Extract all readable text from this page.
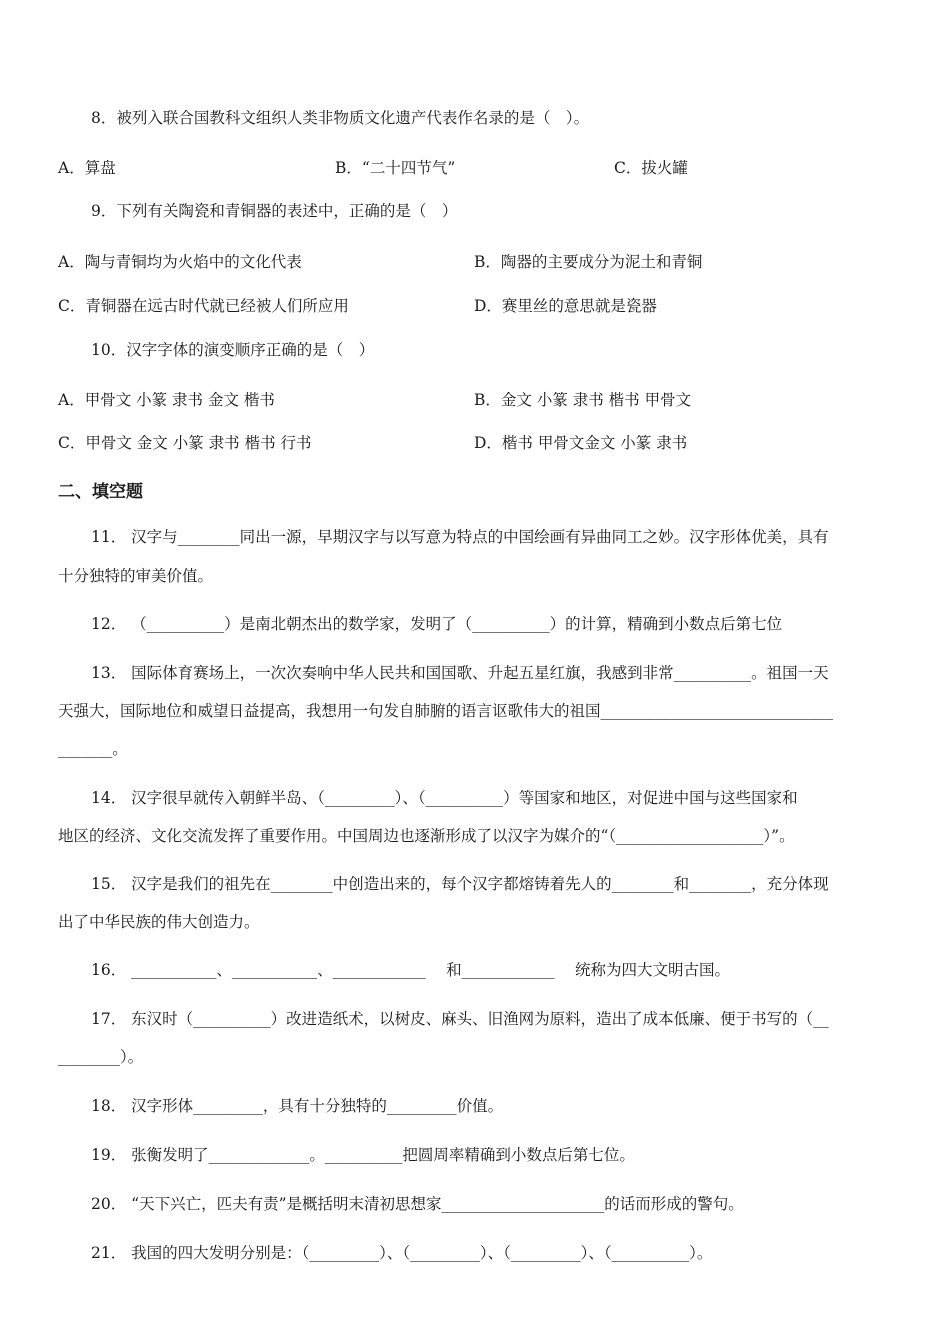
8．被列入联合国教科文组织人类非物质文化遗产代表作名录的是（　）。
A．算盘	B．“二十四节气”	C．拔火罐
9．下列有关陶瓷和青铜器的表述中，正确的是（　）
A．陶与青铜均为火焰中的文化代表	B．陶器的主要成分为泥土和青铜
C．青铜器在远古时代就已经被人们所应用	D．赛里丝的意思就是瓷器
10．汉字字体的演变顺序正确的是（　）
A．甲骨文 小篆 隶书 金文 楷书	B．金文 小篆 隶书 楷书 甲骨文
C．甲骨文 金文 小篆 隶书 楷书 行书	D．楷书 甲骨文金文 小篆 隶书
二、填空题
11． 汉字与________同出一源，早期汉字与以写意为特点的中国绘画有异曲同工之妙。汉字形体优美，具有
十分独特的审美价值。
12． （__________）是南北朝杰出的数学家，发明了（__________）的计算，精确到小数点后第七位
13． 国际体育赛场上，一次次奏响中华人民共和国国歌、升起五星红旗，我感到非常__________。祖国一天
天强大，国际地位和威望日益提高，我想用一句发自肺腑的语言讴歌伟大的祖国______________________________
_______。
14． 汉字很早就传入朝鲜半岛、（_________）、（__________）等国家和地区，对促进中国与这些国家和
地区的经济、文化交流发挥了重要作用。中国周边也逐渐形成了以汉字为媒介的“（___________________）”。
15． 汉字是我们的祖先在________中创造出来的，每个汉字都熔铸着先人的________和________，充分体现
出了中华民族的伟大创造力。
16． ___________、___________、____________　 和____________　 统称为四大文明古国。
17． 东汉时（__________）改进造纸术，以树皮、麻头、旧渔网为原料，造出了成本低廉、便于书写的（__
________）。
18． 汉字形体_________，具有十分独特的_________价值。
19． 张衡发明了_____________。__________把圆周率精确到小数点后第七位。
20． “天下兴亡，匹夫有责”是概括明末清初思想家_____________________的话而形成的警句。
21． 我国的四大发明分别是：（_________）、（_________）、（_________）、（__________）。
